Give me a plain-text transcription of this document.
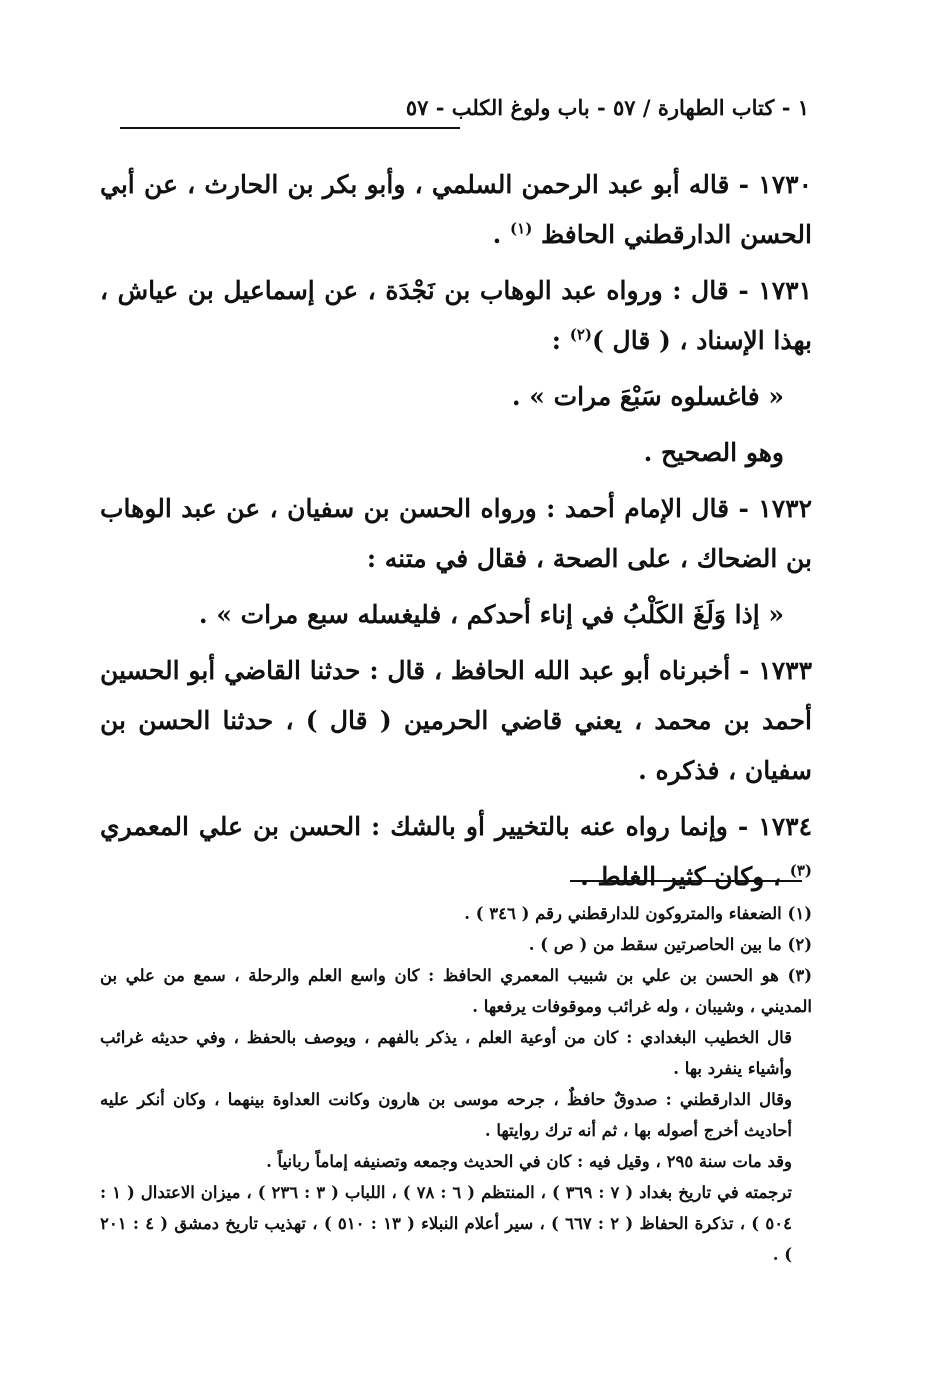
١ - كتاب الطهارة / ٥٧ - باب ولوغ الكلب - ٥٧

١٧٣٠ - قاله أبو عبد الرحمن السلمي ، وأبو بكر بن الحارث ، عن أبي الحسن الدارقطني الحافظ $^{(١)}$ .

١٧٣١ - قال : ورواه عبد الوهاب بن نَجْدَة ، عن إسماعيل بن عياش ، بهذا الإسناد ، ( قال )$^{(٢)}$ :

« فاغسلوه سَبْعَ مرات » .

وهو الصحيح .

١٧٣٢ - قال الإمام أحمد : ورواه الحسن بن سفيان ، عن عبد الوهاب بن الضحاك ، على الصحة ، فقال في متنه :

« إذا وَلَغَ الكَلْبُ في إناء أحدكم ، فليغسله سبع مرات » .

١٧٣٣ - أخبرناه أبو عبد الله الحافظ ، قال : حدثنا القاضي أبو الحسين أحمد بن محمد ، يعني قاضي الحرمين ( قال ) ، حدثنا الحسن بن سفيان ، فذكره .

١٧٣٤ - وإنما رواه عنه بالتخيير أو بالشك : الحسن بن علي المعمري $^{(٣)}$ ، وكان كثير الغلط .

(١) الضعفاء والمتروكون للدارقطني رقم ( ٣٤٦ ) .

(٢) ما بين الحاصرتين سقط من ( ص ) .

(٣) هو الحسن بن علي بن شبيب المعمري الحافظ : كان واسع العلم والرحلة ، سمع من علي بن المديني ، وشيبان ، وله غرائب وموقوفات يرفعها .

قال الخطيب البغدادي : كان من أوعية العلم ، يذكر بالفهم ، ويوصف بالحفظ ، وفي حديثه غرائب وأشياء ينفرد بها .

وقال الدارقطني : صدوقٌ حافظٌ ، جرحه موسى بن هارون وكانت العداوة بينهما ، وكان أنكر عليه أحاديث أخرج أصوله بها ، ثم أنه ترك روايتها .

وقد مات سنة ٢٩٥ ، وقيل فيه : كان في الحديث وجمعه وتصنيفه إماماً ربانياً .

ترجمته في تاريخ بغداد ( ٧ : ٣٦٩ ) ، المنتظم ( ٦ : ٧٨ ) ، اللباب ( ٣ : ٢٣٦ ) ، ميزان الاعتدال ( ١ : ٥٠٤ ) ، تذكرة الحفاظ ( ٢ : ٦٦٧ ) ، سير أعلام النبلاء ( ١٣ : ٥١٠ ) ، تهذيب تاريخ دمشق ( ٤ : ٢٠١ ) .
